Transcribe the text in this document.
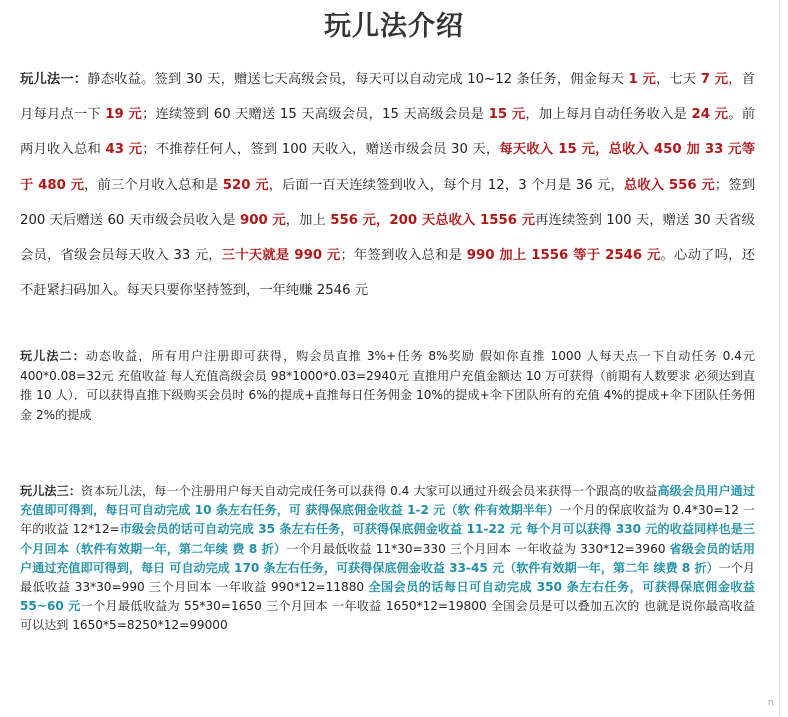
玩儿法介绍

玩儿法一：静态收益。签到 30 天，赠送七天高级会员，每天可以自动完成 10~12 条任务，佣金每天 1 元，七天 7 元，首月每月点一下 19 元；连续签到 60 天赠送 15 天高级会员，15 天高级会员是 15 元，加上每月自动任务收入是 24 元。前两月收入总和 43 元；不推荐任何人，签到 100 天收入，赠送市级会员 30 天，每天收入 15 元，总收入 450 加 33 元等于 480 元，前三个月收入总和是 520 元，后面一百天连续签到收入，每个月 12，3 个月是 36 元，总收入 556 元；签到 200 天后赠送 60 天市级会员收入是 900 元，加上 556 元，200 天总收入 1556 元再连续签到 100 天，赠送 30 天省级会员，省级会员每天收入 33 元，三十天就是 990 元；年签到收入总和是 990 加上 1556 等于 2546 元。心动了吗，还不赶紧扫码加入。每天只要你坚持签到，一年纯赚 2546 元

玩儿法二：动态收益，所有用户注册即可获得，购会员直推 3%+任务 8%奖励 假如你直推 1000 人每天点一下自动任务 0.4元 400*0.08=32元 充值收益 每人充值高级会员 98*1000*0.03=2940元 直推用户充值金额达 10 万可获得（前期有人数要求 必须达到直推 10 人）．可以获得直推下级购买会员时 6%的提成+直推每日任务佣金 10%的提成+伞下团队所有的充值 4%的提成+伞下团队任务佣金 2%的提成

玩儿法三：资本玩儿法，每一个注册用户每天自动完成任务可以获得 0.4 大家可以通过升级会员来获得一个跟高的收益高级会员用户通过充值即可得到，每日可自动完成 10 条左右任务，可 获得保底佣金收益 1-2 元（软 件有效期半年）一个月的保底收益为 0.4*30=12 一年的收益 12*12=市级会员的话可自动完成 35 条左右任务，可获得保底佣金收益 11-22 元 每个月可以获得 330 元的收益同样也是三个月回本（软件有效期一年，第二年续 费 8 折）一个月最低收益 11*30=330 三个月回本 一年收益为 330*12=3960 省级会员的话用户通过充值即可得到，每日 可自动完成 170 条左右任务，可获得保底佣金收益 33-45 元（软件有效期一年，第二年 续费 8 折）一个月最低收益 33*30=990 三个月回本 一年收益 990*12=11880 全国会员的话每日可自动完成 350 条左右任务，可获得保底佣金收益 55~60 元一个月最低收益为 55*30=1650 三个月回本 一年收益 1650*12=19800 全国会员是可以叠加五次的 也就是说你最高收益 可以达到 1650*5=8250*12=99000

n
